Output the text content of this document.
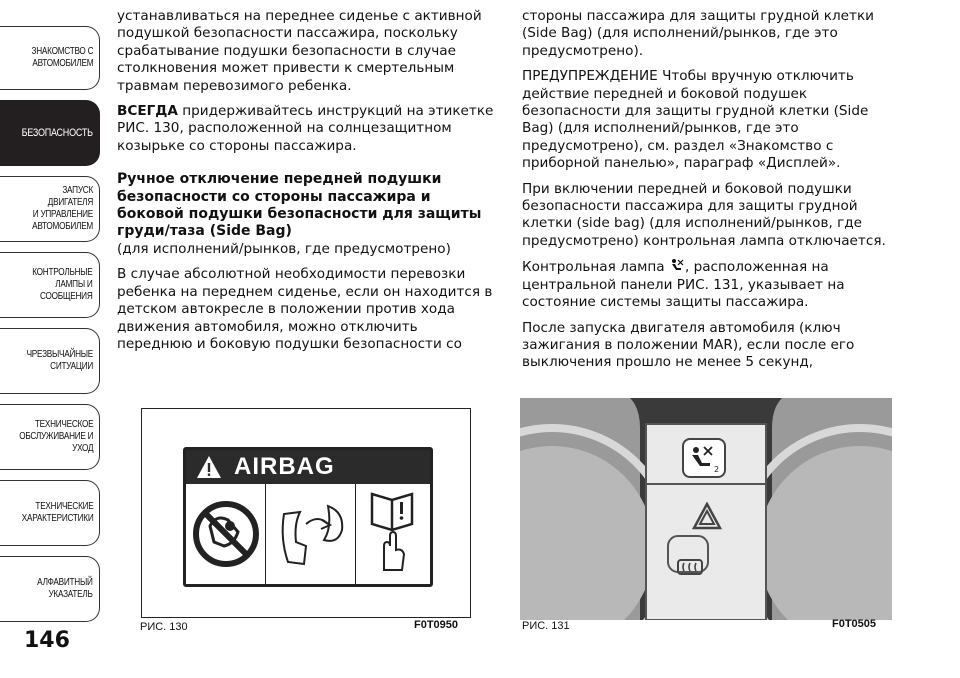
ЗНАКОМСТВО С
АВТОМОБИЛЕМ
БЕЗОПАСНОСТЬ
ЗАПУСК ДВИГАТЕЛЯ
И УПРАВЛЕНИЕ
АВТОМОБИЛЕМ
КОНТРОЛЬНЫЕ
ЛАМПЫ И
СООБЩЕНИЯ
ЧРЕЗВЫЧАЙНЫЕ
СИТУАЦИИ
ТЕХНИЧЕСКОЕ
ОБСЛУЖИВАНИЕ И
УХОД
ТЕХНИЧЕСКИЕ
ХАРАКТЕРИСТИКИ
АЛФАВИТНЫЙ
УКАЗАТЕЛЬ
146

устанавливаться на переднее сиденье с активной подушкой безопасности пассажира, поскольку срабатывание подушки безопасности в случае столкновения может привести к смертельным травмам перевозимого ребенка.

ВСЕГДА придерживайтесь инструкций на этикетке РИС. 130, расположенной на солнцезащитном козырьке со стороны пассажира.

Ручное отключение передней подушки безопасности со стороны пассажира и боковой подушки безопасности для защиты груди/таза (Side Bag)

(для исполнений/рынков, где предусмотрено)

В случае абсолютной необходимости перевозки ребенка на переднем сиденье, если он находится в детском автокресле в положении против хода движения автомобиля, можно отключить переднюю и боковую подушки безопасности со

стороны пассажира для защиты грудной клетки (Side Bag) (для исполнений/рынков, где это предусмотрено).

ПРЕДУПРЕЖДЕНИЕ Чтобы вручную отключить действие передней и боковой подушек безопасности для защиты грудной клетки (Side Bag) (для исполнений/рынков, где это предусмотрено), см. раздел «Знакомство с приборной панелью», параграф «Дисплей».

При включении передней и боковой подушки безопасности пассажира для защиты грудной клетки (side bag) (для исполнений/рынков, где предусмотрено) контрольная лампа отключается.

Контрольная лампа , расположенная на центральной панели РИС. 131, указывает на состояние системы защиты пассажира.

После запуска двигателя автомобиля (ключ зажигания в положении MAR), если после его выключения прошло не менее 5 секунд,

AIRBAG
РИС. 130	F0T0950
2
РИС. 131	F0T0505
